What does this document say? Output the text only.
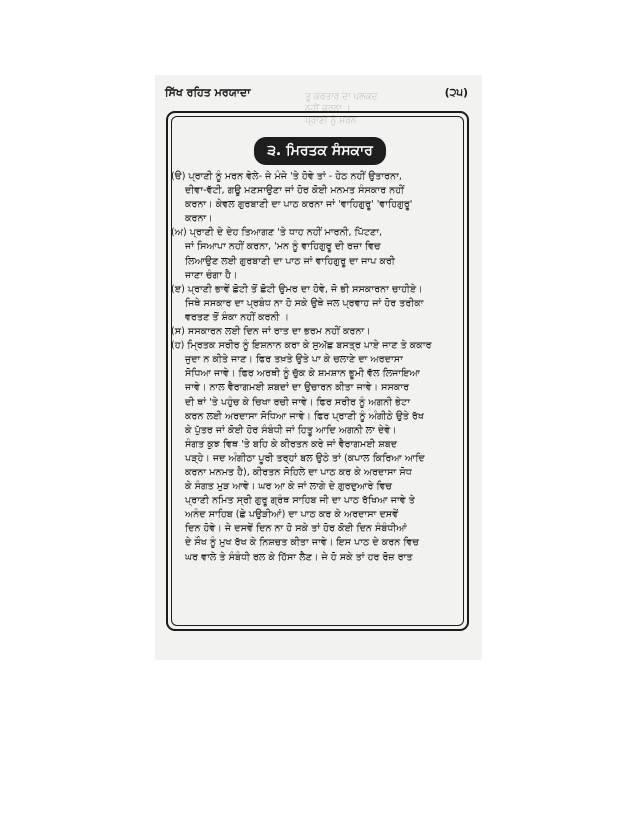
ਤੂ ਕਰਤਾਰ ਦਾ ਪਲਕਦ
ਨਹੀਂ ਕਰਨਾ ।
ਪ੍ਰਾਣੀ ਨੂੰ ਮਰਨ
ਸਿੱਖ ਰਹਿਤ ਮਰਯਾਦਾ	(੨੫)
੩. ਮਿਰਤਕ ਸੰਸਕਾਰ
(ੳ) ਪ੍ਰਾਣੀ ਨੂੰ ਮਰਨ ਵੇਲੇ- ਜੇ ਮੰਜੇ 'ਤੇ ਹੋਵੇ ਤਾਂ - ਹੇਠ ਨਹੀਂ ਉਤਾਰਨਾ,
ਦੀਵਾ-ਵੱਟੀ, ਗਊ ਮਣਸਾਉਣਾ ਜਾਂ ਹੋਰ ਕੋਈ ਮਨਮਤ ਸੰਸਕਾਰ ਨਹੀਂ
ਕਰਨਾ। ਕੇਵਲ ਗੁਰਬਾਣੀ ਦਾ ਪਾਠ ਕਰਨਾ ਜਾਂ 'ਵਾਹਿਗੁਰੂ' 'ਵਾਹਿਗੁਰੂ'
ਕਰਨਾ।
(ਅ) ਪ੍ਰਾਣੀ ਦੇ ਦੇਹ ਤਿਆਗਣ 'ਤੇ ਧਾਹ ਨਹੀਂ ਮਾਰਨੀ, ਪਿੱਟਣਾ,
ਜਾਂ ਸਿਆਪਾ ਨਹੀਂ ਕਰਨਾ, 'ਮਨ ਨੂੰ ਵਾਹਿਗੁਰੂ ਦੀ ਰਜ਼ਾ ਵਿਚ
ਲਿਆਉਣ ਲਈ ਗੁਰਬਾਣੀ ਦਾ ਪਾਠ ਜਾਂ ਵਾਹਿਗੁਰੂ ਦਾ ਜਾਪ ਕਰੀ
ਜਾਣਾ ਚੰਗਾ ਹੈ।
(ੲ) ਪ੍ਰਾਣੀ ਭਾਵੇਂ ਛੋਟੀ ਤੋਂ ਛੋਟੀ ਉਮਰ ਦਾ ਹੋਵੇ, ਜੋ ਭੀ ਸਸਕਾਰਨਾ ਚਾਹੀਏ।
ਜਿਥੇ ਸਸਕਾਰ ਦਾ ਪ੍ਰਬੰਧ ਨਾ ਹੋ ਸਕੇ ਉਥੇ ਜਲ ਪ੍ਰਵਾਹ ਜਾਂ ਹੋਰ ਤਰੀਕਾ
ਵਰਤਣ ਤੋਂ ਸ਼ੰਕਾ ਨਹੀਂ ਕਰਨੀ ।
(ਸ) ਸਸਕਾਰਨ ਲਈ ਦਿਨ ਜਾਂ ਰਾਤ ਦਾ ਭਰਮ ਨਹੀਂ ਕਰਨਾ।
(ਹ) ਮ੍ਰਿਤਕ ਸਰੀਰ ਨੂੰ ਇਸ਼ਨਾਨ ਕਰਾ ਕੇ ਸੁਅੱਛ ਬਸਤ੍ਰ ਪਾਏ ਜਾਣ ਤੇ ਕਕਾਰ
ਜੁਦਾ ਨ ਕੀਤੇ ਜਾਣ। ਫਿਰ ਤਖ਼ਤੇ ਉਤੇ ਪਾ ਕੇ ਚਲਾਣੇ ਦਾ ਅਰਦਾਸਾ
ਸੋਧਿਆ ਜਾਵੇ। ਫਿਰ ਅਰਥੀ ਨੂੰ ਚੁੱਕ ਕੇ ਸ਼ਮਸ਼ਾਨ ਭੂਮੀ ਵੱਲ ਲਿਜਾਇਆ
ਜਾਵੇ। ਨਾਲ ਵੈਰਾਗਮਈ ਸ਼ਬਦਾਂ ਦਾ ਉਚਾਰਨ ਕੀਤਾ ਜਾਵੇ। ਸਸਕਾਰ
ਦੀ ਥਾਂ 'ਤੇ ਪਹੁੰਚ ਕੇ ਚਿਖਾ ਰਚੀ ਜਾਵੇ। ਫਿਰ ਸਰੀਰ ਨੂੰ ਅਗਨੀ ਭੇਟਾ
ਕਰਨ ਲਈ ਅਰਦਾਸਾ ਸੋਧਿਆ ਜਾਵੇ। ਫਿਰ ਪ੍ਰਾਣੀ ਨੂੰ ਅੰਗੀਠੇ ਉਤੇ ਰੱਖ
ਕੇ ਪੁੱਤਰ ਜਾਂ ਕੋਈ ਹੋਰ ਸੰਬੰਧੀ ਜਾਂ ਹਿਤੂ ਆਦਿ ਅਗਨੀ ਲਾ ਦੇਵੇ।
ਸੰਗਤ ਕੁਝ ਵਿਥ 'ਤੇ ਬਹਿ ਕੇ ਕੀਰਤਨ ਕਰੇ ਜਾਂ ਵੈਰਾਗਮਈ ਸ਼ਬਦ
ਪੜ੍ਹੇ। ਜਦ ਅੰਗੀਠਾ ਪੂਰੀ ਤਰ੍ਹਾਂ ਬਲ ਉਠੇ ਤਾਂ (ਕਪਾਲ ਕਿਰਿਆ ਆਦਿ
ਕਰਨਾ ਮਨਮਤ ਹੈ), ਕੀਰਤਨ ਸੋਹਿਲੇ ਦਾ ਪਾਠ ਕਰ ਕੇ ਅਰਦਾਸਾ ਸੋਧ
ਕੇ ਸੰਗਤ ਮੁੜ ਆਵੇ। ਘਰ ਆ ਕੇ ਜਾਂ ਲਾਗੇ ਦੇ ਗੁਰਦੁਆਰੇ ਵਿਚ
ਪ੍ਰਾਣੀ ਨਮਿਤ ਸ੍ਰੀ ਗੁਰੂ ਗ੍ਰੰਥ ਸਾਹਿਬ ਜੀ ਦਾ ਪਾਠ ਰੱਖਿਆ ਜਾਵੇ ਤੇ
ਅਨੰਦ ਸਾਹਿਬ (ਛੇ ਪਉੜੀਆਂ) ਦਾ ਪਾਠ ਕਰ ਕੇ ਅਰਦਾਸਾ ਦਸਵੇਂ
ਦਿਨ ਹੋਵੇ। ਜੇ ਦਸਵੇਂ ਦਿਨ ਨਾ ਹੋ ਸਕੇ ਤਾਂ ਹੋਰ ਕੋਈ ਦਿਨ ਸੰਬੰਧੀਆਂ
ਦੇ ਸੌਖ ਨੂੰ ਮੁਖ ਰੱਖ ਕੇ ਨਿਸ਼ਚਤ ਕੀਤਾ ਜਾਵੇ। ਇਸ ਪਾਠ ਦੇ ਕਰਨ ਵਿਚ
ਘਰ ਵਾਲੇ ਤੇ ਸੰਬੰਧੀ ਰਲ ਕੇ ਹਿੱਸਾ ਲੈਣ। ਜੇ ਹੋ ਸਕੇ ਤਾਂ ਹਰ ਰੋਜ਼ ਰਾਤ
